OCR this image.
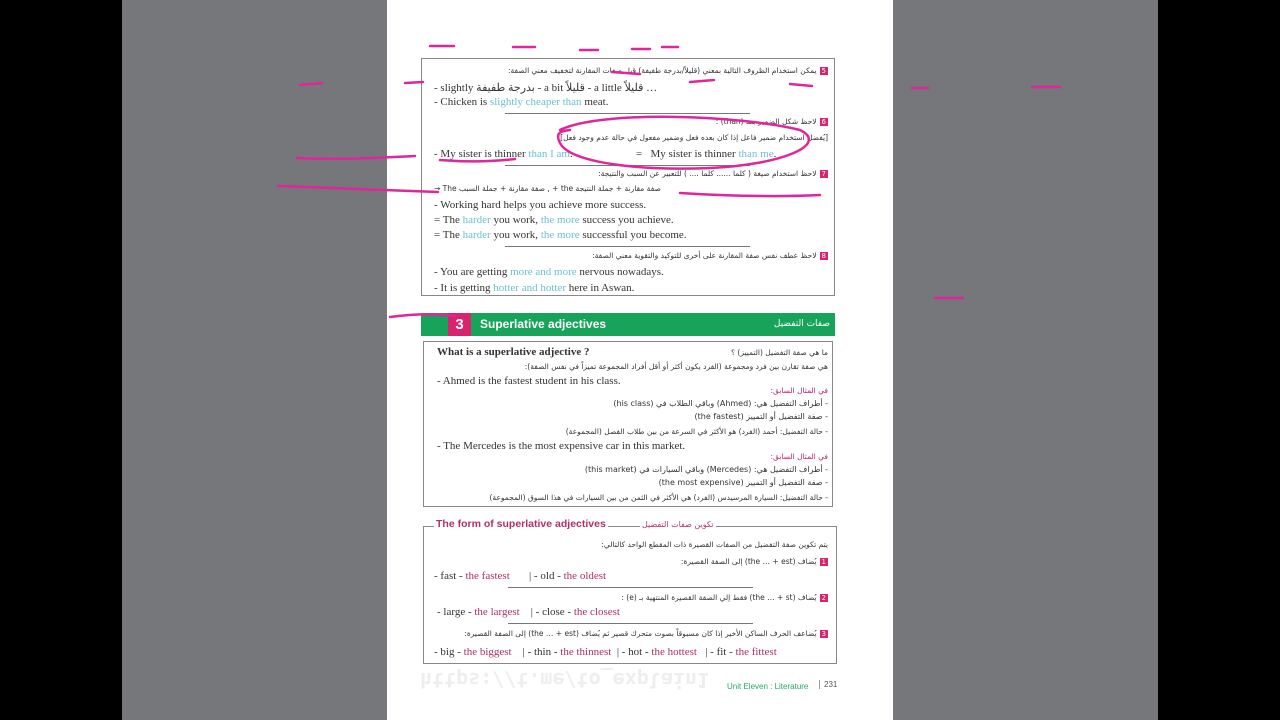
https://t.me/to_explain1
5يمكن استخدام الظروف التالية بمعني (قليلاً/بدرجة طفيفة) قبل صفات المقارنة لتخفيف معني الصفة:
- slightly بدرجة طفيفة - a bit قليلاً - a little قليلاً …
- Chicken is slightly cheaper than meat.
6لاحظ شكل الضمير بعد (than) :
[يُفضل استخدام ضمير فاعل إذا كان بعده فعل وضمير مفعول في حالة عدم وجود فعل]:
- My sister is thinner than I am.	= My sister is thinner than me.
7لاحظ استخدام صيغة ( كلما ...... كلما .... ) للتعبير عن السبب والنتيجة:
→ The صفة مقارنة + جملة السبب , + the صفة مقارنة + جملة النتيجة
- Working hard helps you achieve more success.
= The harder you work, the more success you achieve.
= The harder you work, the more successful you become.
8لاحظ عطف نفس صفة المقارنة على أخرى للتوكيد والتقوية معني الصفة:
- You are getting more and more nervous nowadays.
- It is getting hotter and hotter here in Aswan.
3	Superlative adjectives	صفات التفضيل
What is a superlative adjective ?	ما هي صفة التفضيل (التمييز) ؟
هي صفة تقارن بين فرد ومجموعة (الفرد يكون أكثر أو أقل أفراد المجموعة تميزاً في نفس الصفة):
- Ahmed is the fastest student in his class.
في المثال السابق:
- أطراف التفضيل هي: (Ahmed) وباقي الطلاب في (his class)
- صفة التفضيل أو التمييز (the fastest)
- حالة التفضيل: أحمد (الفرد) هو الأكثر في السرعة من بين طلاب الفصل (المجموعة)
- The Mercedes is the most expensive car in this market.
في المثال السابق:
- أطراف التفضيل هي: (Mercedes) وباقي السيارات في (this market)
- صفة التفضيل أو التمييز (the most expensive)
- حالة التفضيل: السيارة المرسيدس (الفرد) هي الأكثر في الثمن من بين السيارات في هذا السوق (المجموعة)
The form of superlative adjectives	تكوين صفات التفضيل
يتم تكوين صفة التفضيل من الصفات القصيرة ذات المقطع الواحد كالتالي:
1يُضاف (the … + est) إلى الصفة القصيرة:
- fast - the fastest | - old - the oldest
2يُضاف (the … + st) فقط إلي الصفة القصيرة المنتهية بـ (e) :
- large - the largest | - close - the closest
3يُضاعف الحرف الساكن الأخير إذا كان مسبوقاً بصوت متحرك قصير ثم يُضاف (the … + est) إلى الصفة القصيرة:
- big - the biggest | - thin - the thinnest | - hot - the hottest | - fit - the fittest
Unit Eleven : Literature	231
